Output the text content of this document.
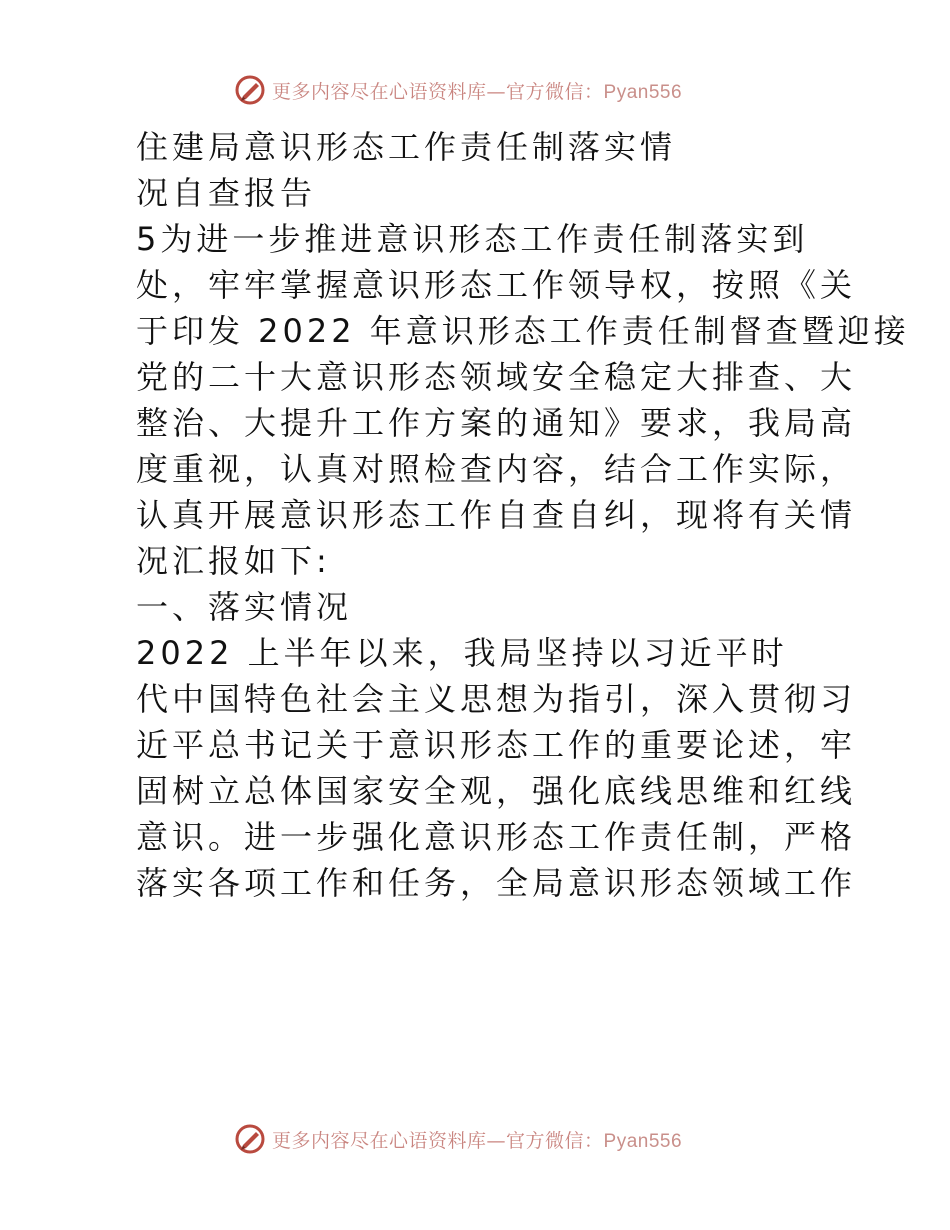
更多内容尽在心语资料库—官方微信：Pyan556
住建局意识形态工作责任制落实情
况自查报告
5为进一步推进意识形态工作责任制落实到
处，牢牢掌握意识形态工作领导权，按照《关
于印发 2022 年意识形态工作责任制督查暨迎接
党的二十大意识形态领域安全稳定大排查、大
整治、大提升工作方案的通知》要求，我局高
度重视，认真对照检查内容，结合工作实际，
认真开展意识形态工作自查自纠，现将有关情
况汇报如下:
一、落实情况
2022 上半年以来，我局坚持以习近平时
代中国特色社会主义思想为指引，深入贯彻习
近平总书记关于意识形态工作的重要论述，牢
固树立总体国家安全观，强化底线思维和红线
意识。进一步强化意识形态工作责任制，严格
落实各项工作和任务，全局意识形态领域工作
更多内容尽在心语资料库—官方微信：Pyan556
